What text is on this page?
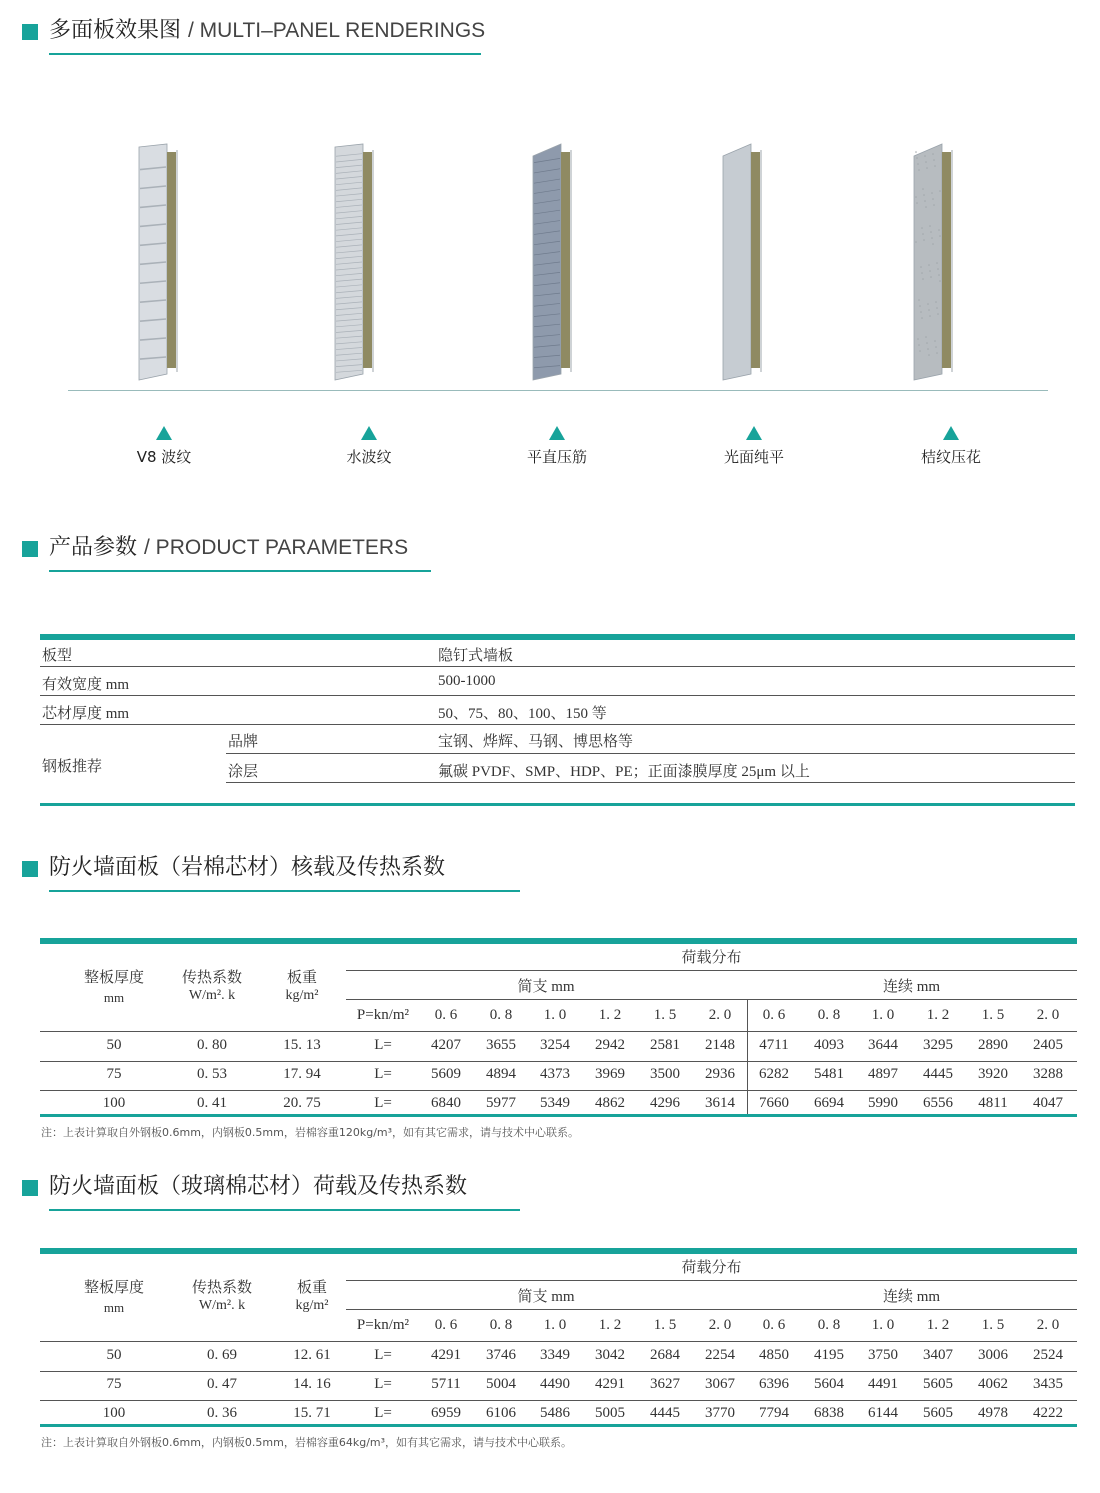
多面板效果图 / MULTI–PANEL RENDERINGS
V8 波纹	水波纹	平直压筋	光面纯平	桔纹压花
产品参数 / PRODUCT PARAMETERS
板型	隐钉式墙板
有效宽度 mm	500-1000
芯材厚度 mm	50、75、80、100、150 等
钢板推荐
品牌	宝钢、烨辉、马钢、博思格等
涂层	氟碳 PVDF、SMP、HDP、PE；正面漆膜厚度 25μm 以上
防火墙面板（岩棉芯材）核载及传热系数
整板厚度
mm
传热系数
W/m². k
板重
kg/m²
荷载分布
简支 mm	连续 mm
P=kn/m²	0. 6	0. 8	1. 0	1. 2	1. 5	2. 0	0. 6	0. 8	1. 0	1. 2	1. 5	2. 0
50	0. 80	15. 13	L=	4207	3655	3254	2942	2581	2148	4711	4093	3644	3295	2890	2405
75	0. 53	17. 94	L=	5609	4894	4373	3969	3500	2936	6282	5481	4897	4445	3920	3288
100	0. 41	20. 75	L=	6840	5977	5349	4862	4296	3614	7660	6694	5990	6556	4811	4047
注：上表计算取自外钢板0.6mm，内钢板0.5mm，岩棉容重120kg/m³，如有其它需求，请与技术中心联系。
防火墙面板（玻璃棉芯材）荷载及传热系数
整板厚度
mm
传热系数
W/m². k
板重
kg/m²
荷载分布
简支 mm	连续 mm
P=kn/m²	0. 6	0. 8	1. 0	1. 2	1. 5	2. 0	0. 6	0. 8	1. 0	1. 2	1. 5	2. 0
50	0. 69	12. 61	L=	4291	3746	3349	3042	2684	2254	4850	4195	3750	3407	3006	2524
75	0. 47	14. 16	L=	5711	5004	4490	4291	3627	3067	6396	5604	4491	5605	4062	3435
100	0. 36	15. 71	L=	6959	6106	5486	5005	4445	3770	7794	6838	6144	5605	4978	4222
注：上表计算取自外钢板0.6mm，内钢板0.5mm，岩棉容重64kg/m³，如有其它需求，请与技术中心联系。
